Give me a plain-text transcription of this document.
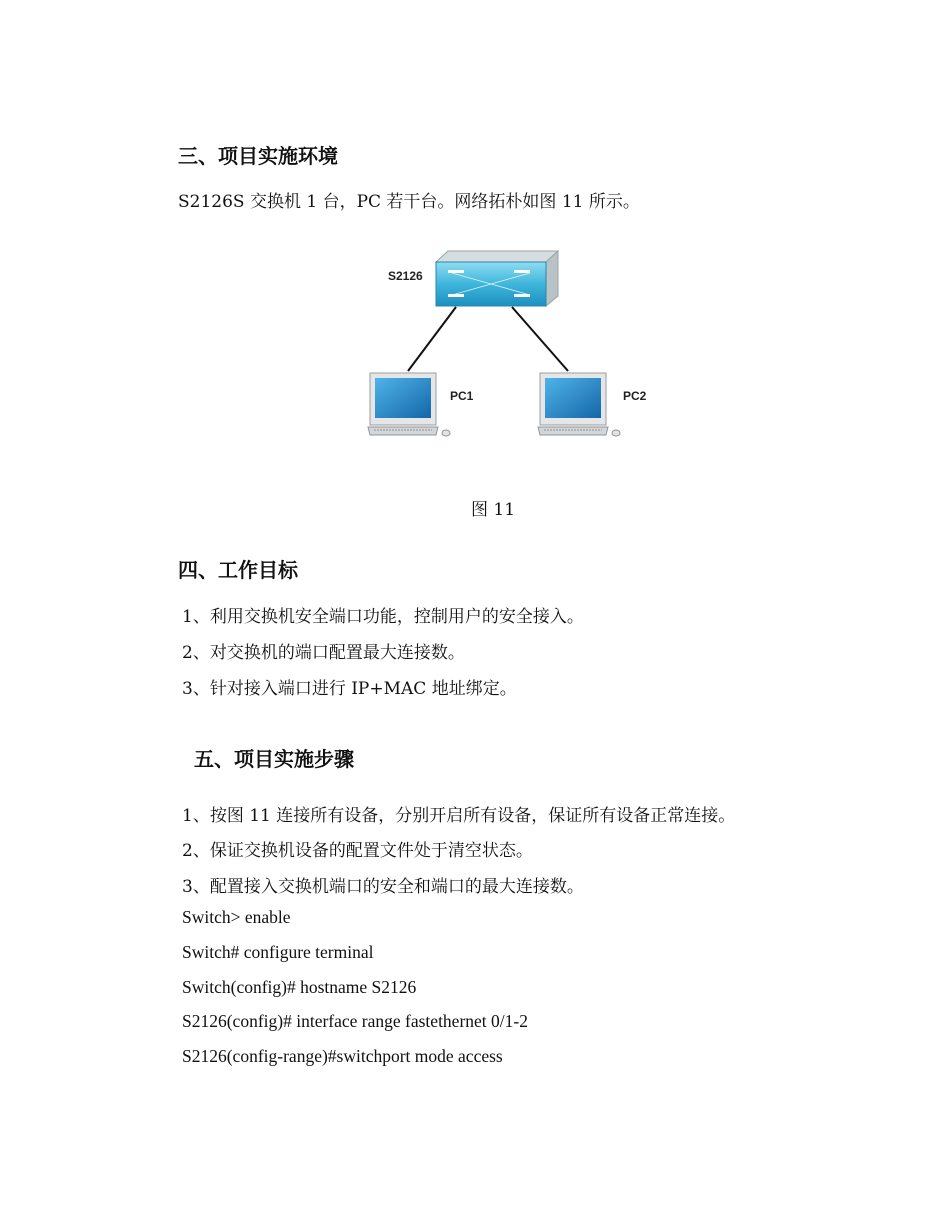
三、项目实施环境
S2126S 交换机 1 台，PC 若干台。网络拓朴如图 11 所示。
S2126
PC1	PC2
图 11
四、工作目标
1、利用交换机安全端口功能，控制用户的安全接入。
2、对交换机的端口配置最大连接数。
3、针对接入端口进行 IP+MAC 地址绑定。
五、项目实施步骤
1、按图 11 连接所有设备，分别开启所有设备，保证所有设备正常连接。
2、保证交换机设备的配置文件处于清空状态。
3、配置接入交换机端口的安全和端口的最大连接数。
Switch> enable
Switch# configure terminal
Switch(config)# hostname S2126
S2126(config)# interface range fastethernet 0/1-2
S2126(config-range)#switchport mode access
